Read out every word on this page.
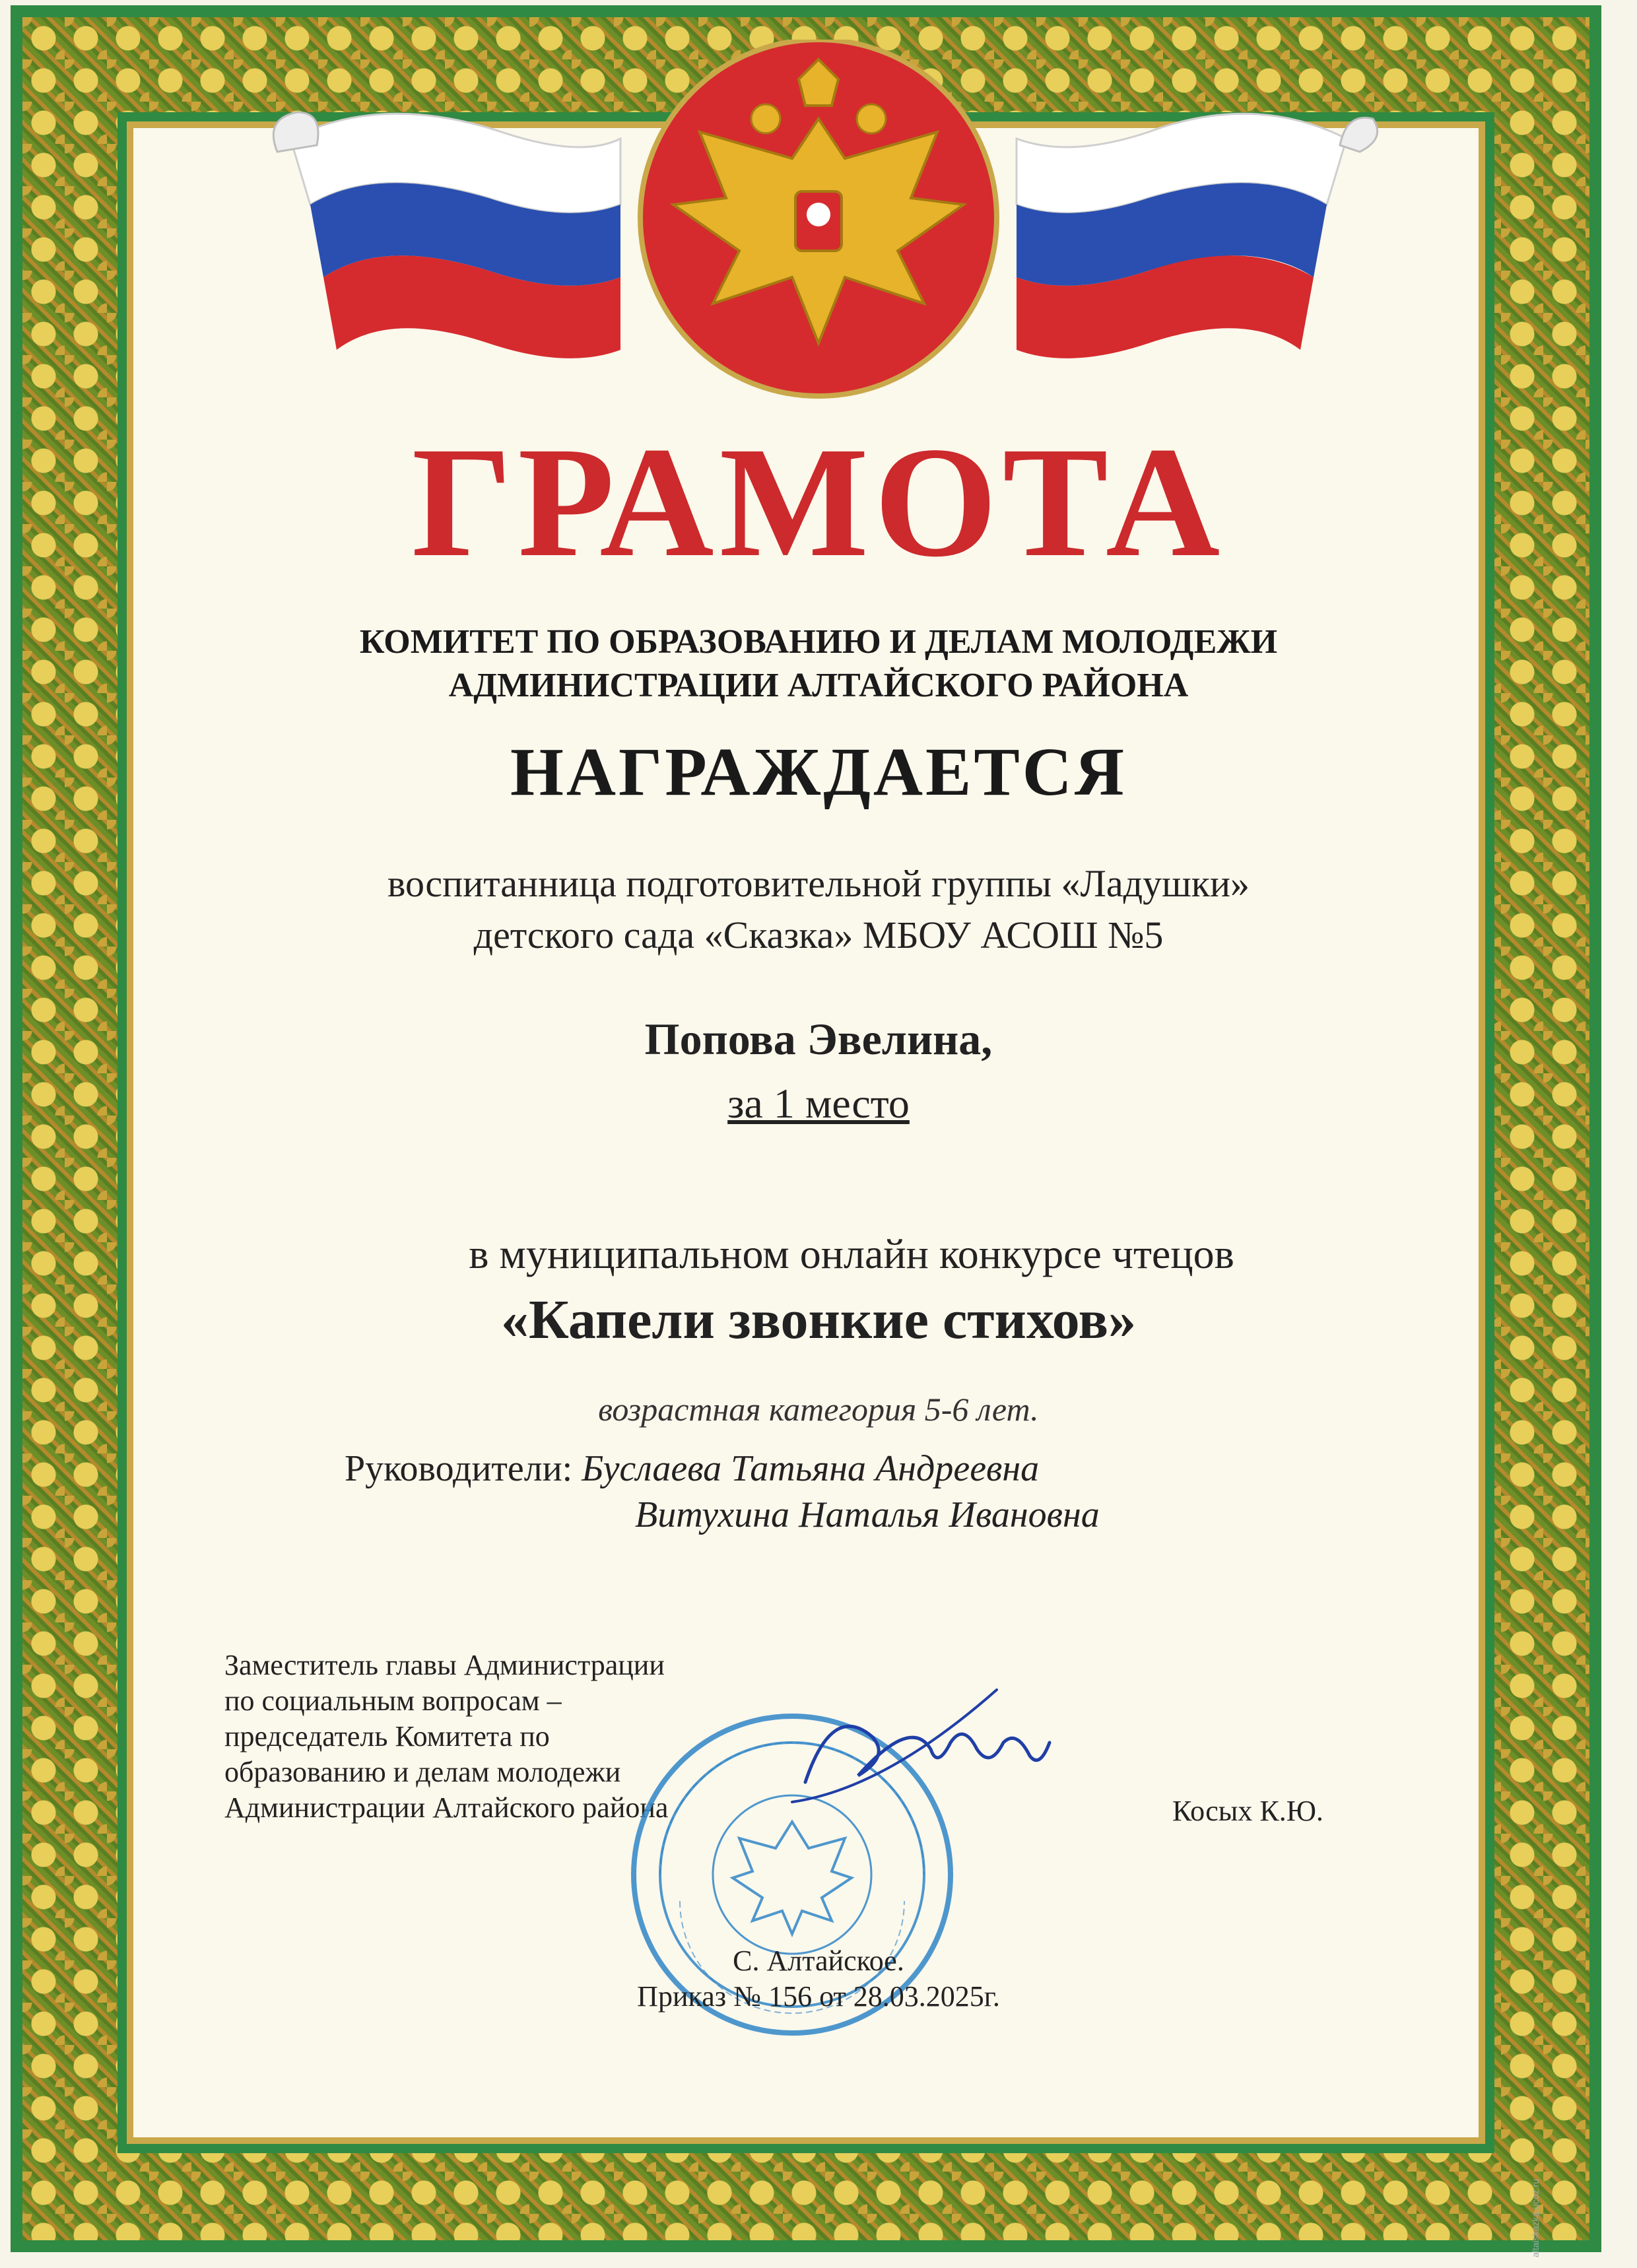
ГРАМОТА
КОМИТЕТ ПО ОБРАЗОВАНИЮ И ДЕЛАМ МОЛОДЕЖИ
АДМИНИСТРАЦИИ АЛТАЙСКОГО РАЙОНА
НАГРАЖДАЕТСЯ
воспитанница подготовительной группы «Ладушки»
детского сада «Сказка» МБОУ АСОШ №5
Попова Эвелина,
за 1 место
в муниципальном онлайн конкурсе чтецов
«Капели звонкие стихов»
возрастная категория 5-6 лет.
Руководители: Буслаева Татьяна Андреевна
Витухина Наталья Ивановна
Заместитель главы Администрации
по социальным вопросам –
председатель Комитета по
образованию и делам молодежи
Администрации Алтайского района	Косых К.Ю.
С. Алтайское.
Приказ № 156 от 28.03.2025г.
altaiskazka.ucoz.ru
